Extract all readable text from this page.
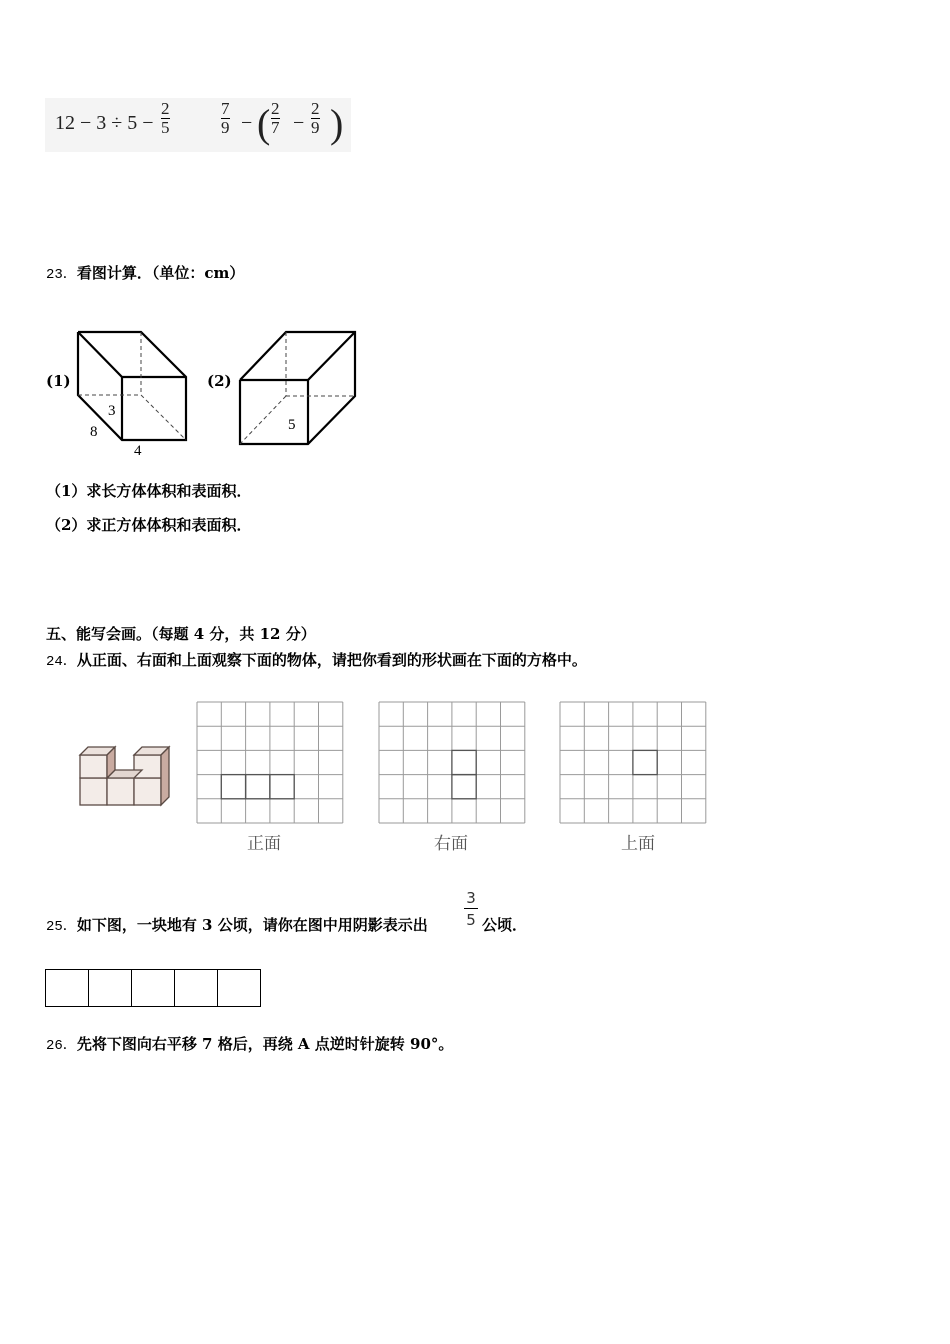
$12 - 3 \div 5 - \frac{2}{5}$	$\frac{7}{9}$ − ( $\frac{2}{7} - \frac{2}{9}$ )
23．看图计算．（单位：cm）
(1)	(2)
3
8
4
5
（1）求长方体体积和表面积．
（2）求正方体体积和表面积．
五、能写会画。（每题 4 分，共 12 分）
24．从正面、右面和上面观察下面的物体，请把你看到的形状画在下面的方格中。
正面	右面	上面
25．如下图，一块地有 3 公顷，请你在图中用阴影表示出 $\frac{3}{5}$ 公顷．
26．先将下图向右平移 7 格后，再绕 A 点逆时针旋转 90°。
